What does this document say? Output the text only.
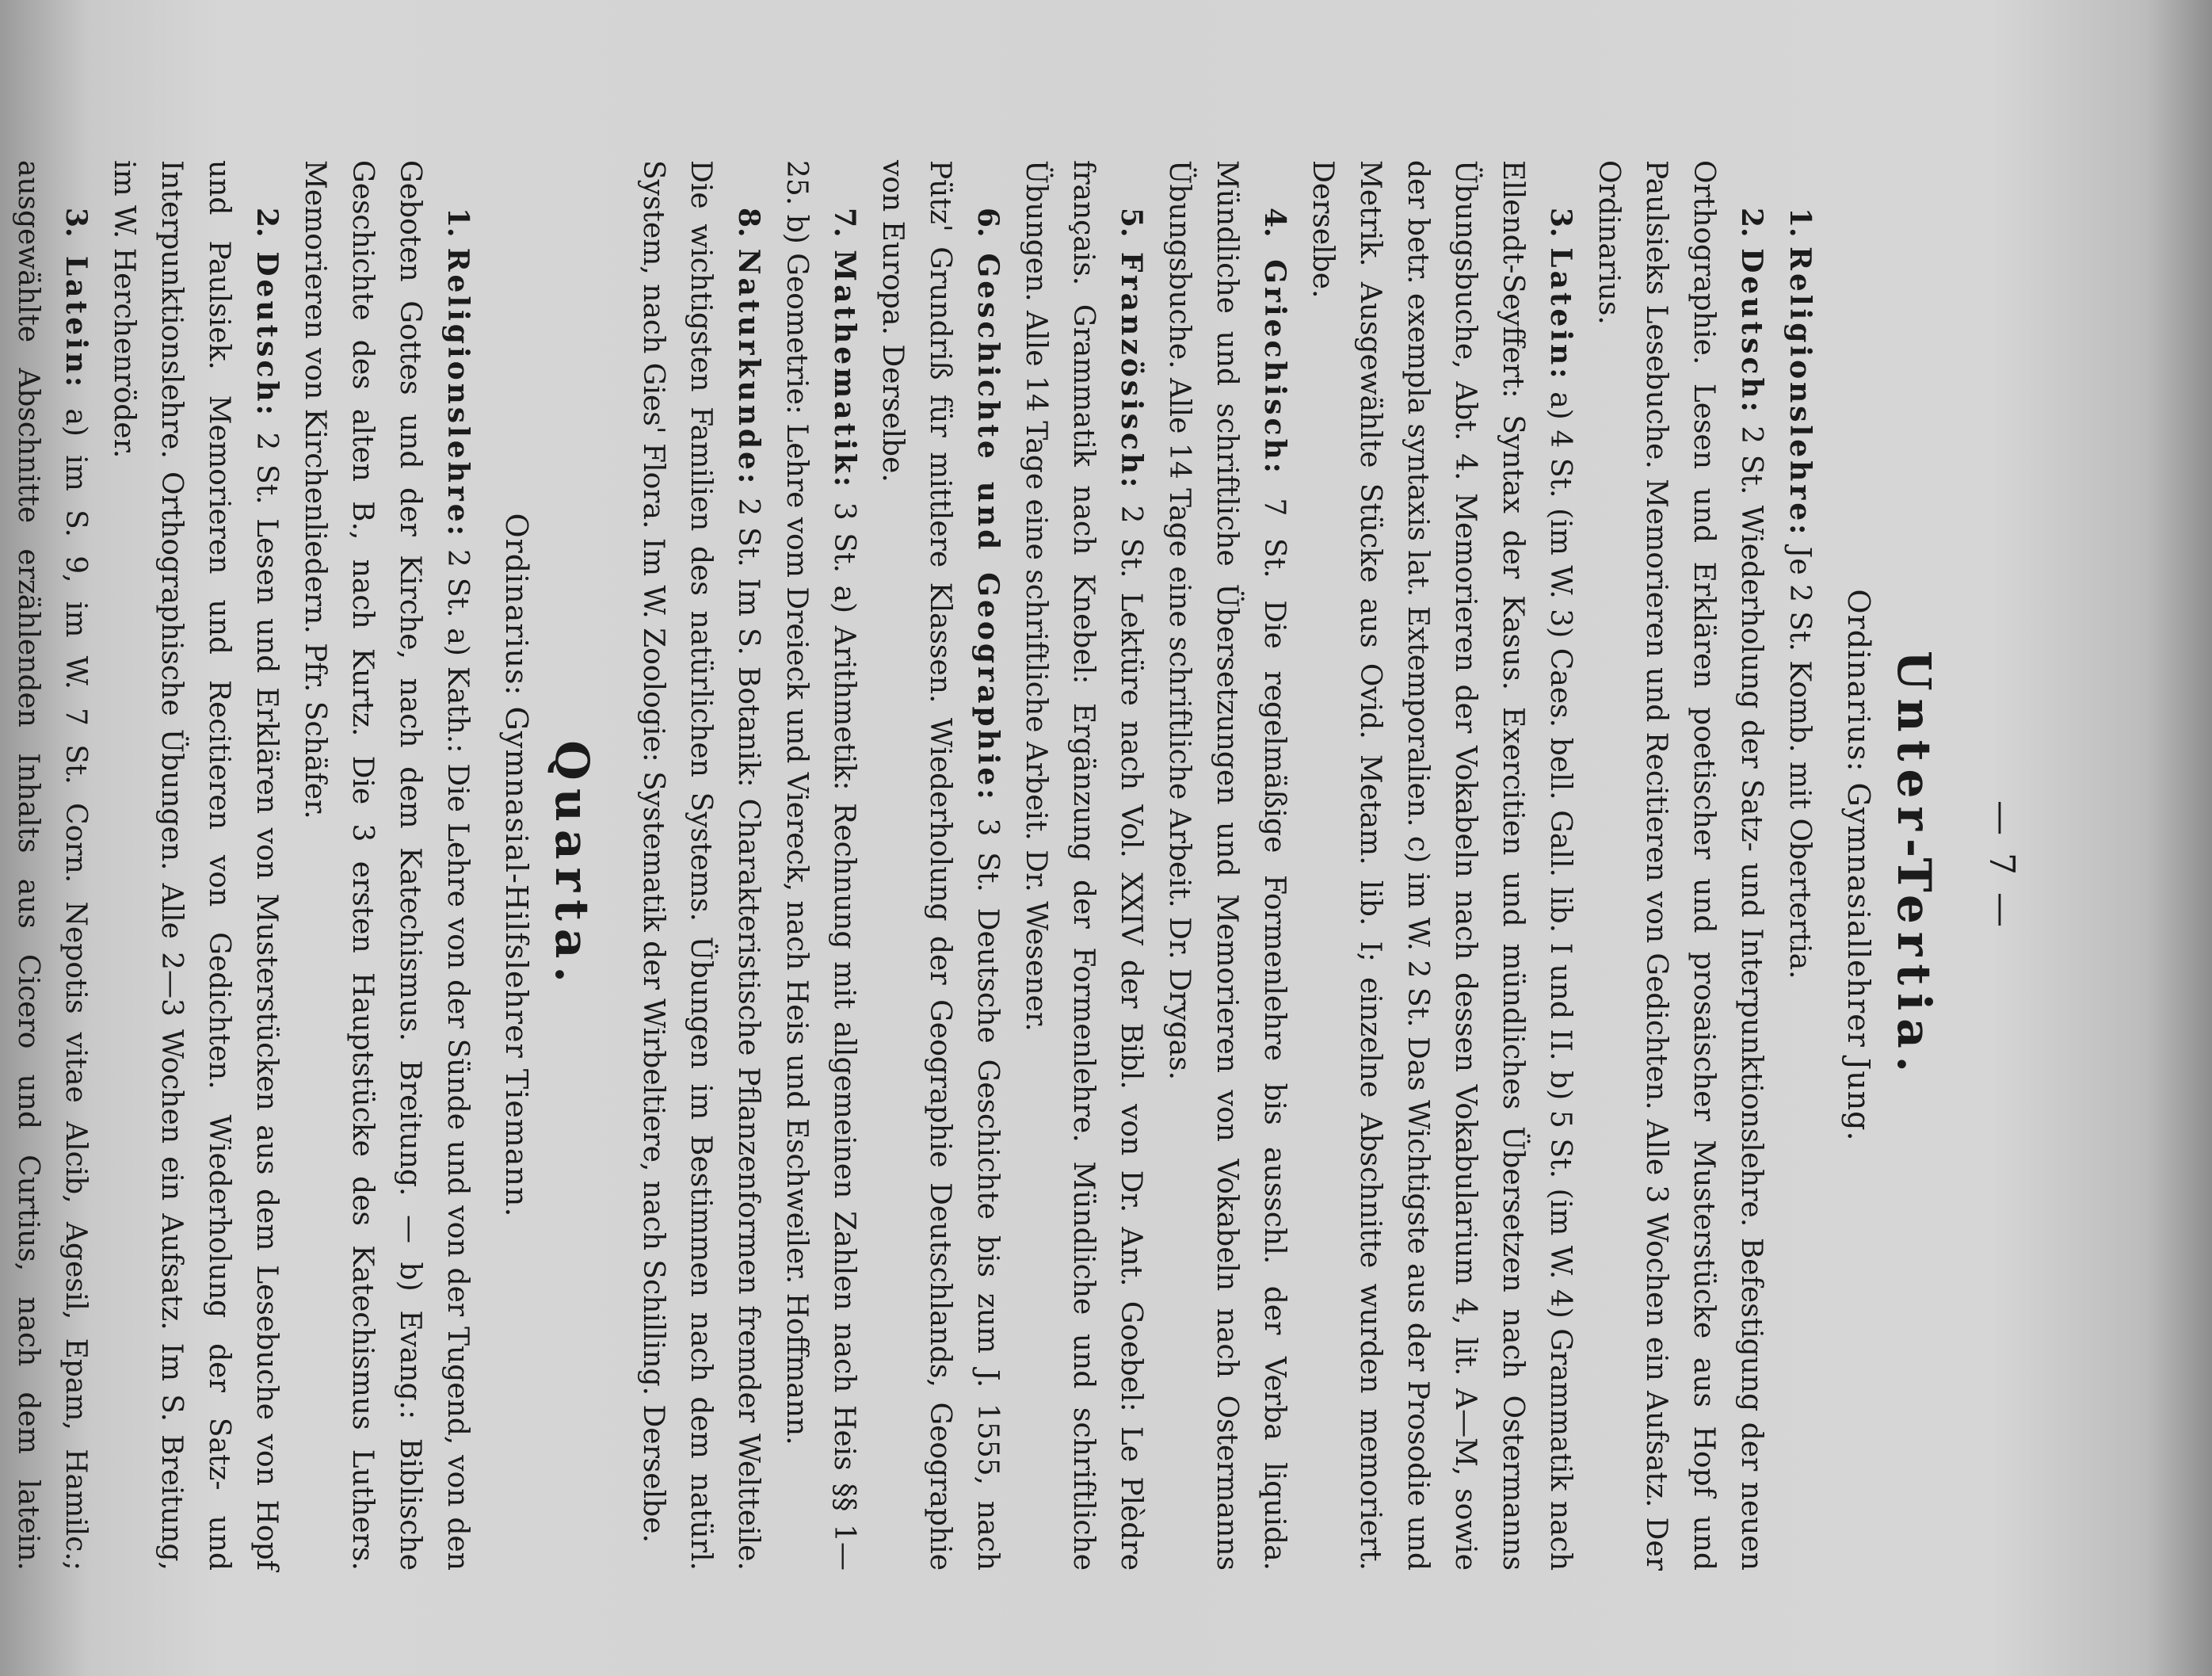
— 7 —
Unter-Tertia.
Ordinarius: Gymnasiallehrer Jung.

1. Religionslehre: Je 2 St. Komb. mit Obertertia.

2. Deutsch: 2 St. Wiederholung der Satz- und Interpunktionslehre. Befestigung der neuen Orthographie. Lesen und Erklären poetischer und prosaischer Musterstücke aus Hopf und Paulsieks Lesebuche. Memorieren und Recitieren von Gedichten. Alle 3 Wochen ein Aufsatz. Der Ordinarius.

3. Latein: a) 4 St. (im W. 3) Caes. bell. Gall. lib. I und II. b) 5 St. (im W. 4) Grammatik nach Ellendt-Seyffert: Syntax der Kasus. Exercitien und mündliches Übersetzen nach Ostermanns Übungsbuche, Abt. 4. Memorieren der Vokabeln nach dessen Vokabularium 4, lit. A—M, sowie der betr. exempla syntaxis lat. Extemporalien. c) im W. 2 St. Das Wichtigste aus der Prosodie und Metrik. Ausgewählte Stücke aus Ovid. Metam. lib. I; einzelne Abschnitte wurden memoriert. Derselbe.

4. Griechisch: 7 St. Die regelmäßige Formenlehre bis ausschl. der Verba liquida. Mündliche und schriftliche Übersetzungen und Memorieren von Vokabeln nach Ostermanns Übungsbuche. Alle 14 Tage eine schriftliche Arbeit. Dr. Drygas.

5. Französisch: 2 St. Lektüre nach Vol. XXIV der Bibl. von Dr. Ant. Goebel: Le Plèdre français. Grammatik nach Knebel: Ergänzung der Formenlehre. Mündliche und schriftliche Übungen. Alle 14 Tage eine schriftliche Arbeit. Dr. Wesener.

6. Geschichte und Geographie: 3 St. Deutsche Geschichte bis zum J. 1555, nach Pütz' Grundriß für mittlere Klassen. Wiederholung der Geographie Deutschlands, Geographie von Europa. Derselbe.

7. Mathematik: 3 St. a) Arithmetik: Rechnung mit allgemeinen Zahlen nach Heis §§ 1—25. b) Geometrie: Lehre vom Dreieck und Viereck, nach Heis und Eschweiler. Hoffmann.

8. Naturkunde: 2 St. Im S. Botanik: Charakteristische Pflanzenformen fremder Weltteile. Die wichtigsten Familien des natürlichen Systems. Übungen im Bestimmen nach dem natürl. System, nach Gies' Flora. Im W. Zoologie: Systematik der Wirbeltiere, nach Schilling. Derselbe.

Quarta.
Ordinarius: Gymnasial-Hilfslehrer Tiemann.

1. Religionslehre: 2 St. a) Kath.: Die Lehre von der Sünde und von der Tugend, von den Geboten Gottes und der Kirche, nach dem Katechismus. Breitung. — b) Evang.: Biblische Geschichte des alten B., nach Kurtz. Die 3 ersten Hauptstücke des Katechismus Luthers. Memorieren von Kirchenliedern. Pfr. Schäfer.

2. Deutsch: 2 St. Lesen und Erklären von Musterstücken aus dem Lesebuche von Hopf und Paulsiek. Memorieren und Recitieren von Gedichten. Wiederholung der Satz- und Interpunktionslehre. Orthographische Übungen. Alle 2—3 Wochen ein Aufsatz. Im S. Breitung, im W. Herchenröder.

3. Latein: a) im S. 9, im W. 7 St. Corn. Nepotis vitae Alcib, Agesil, Epam, Hamilc.; ausgewählte Abschnitte erzählenden Inhalts aus Cicero und Curtius, nach dem latein.
